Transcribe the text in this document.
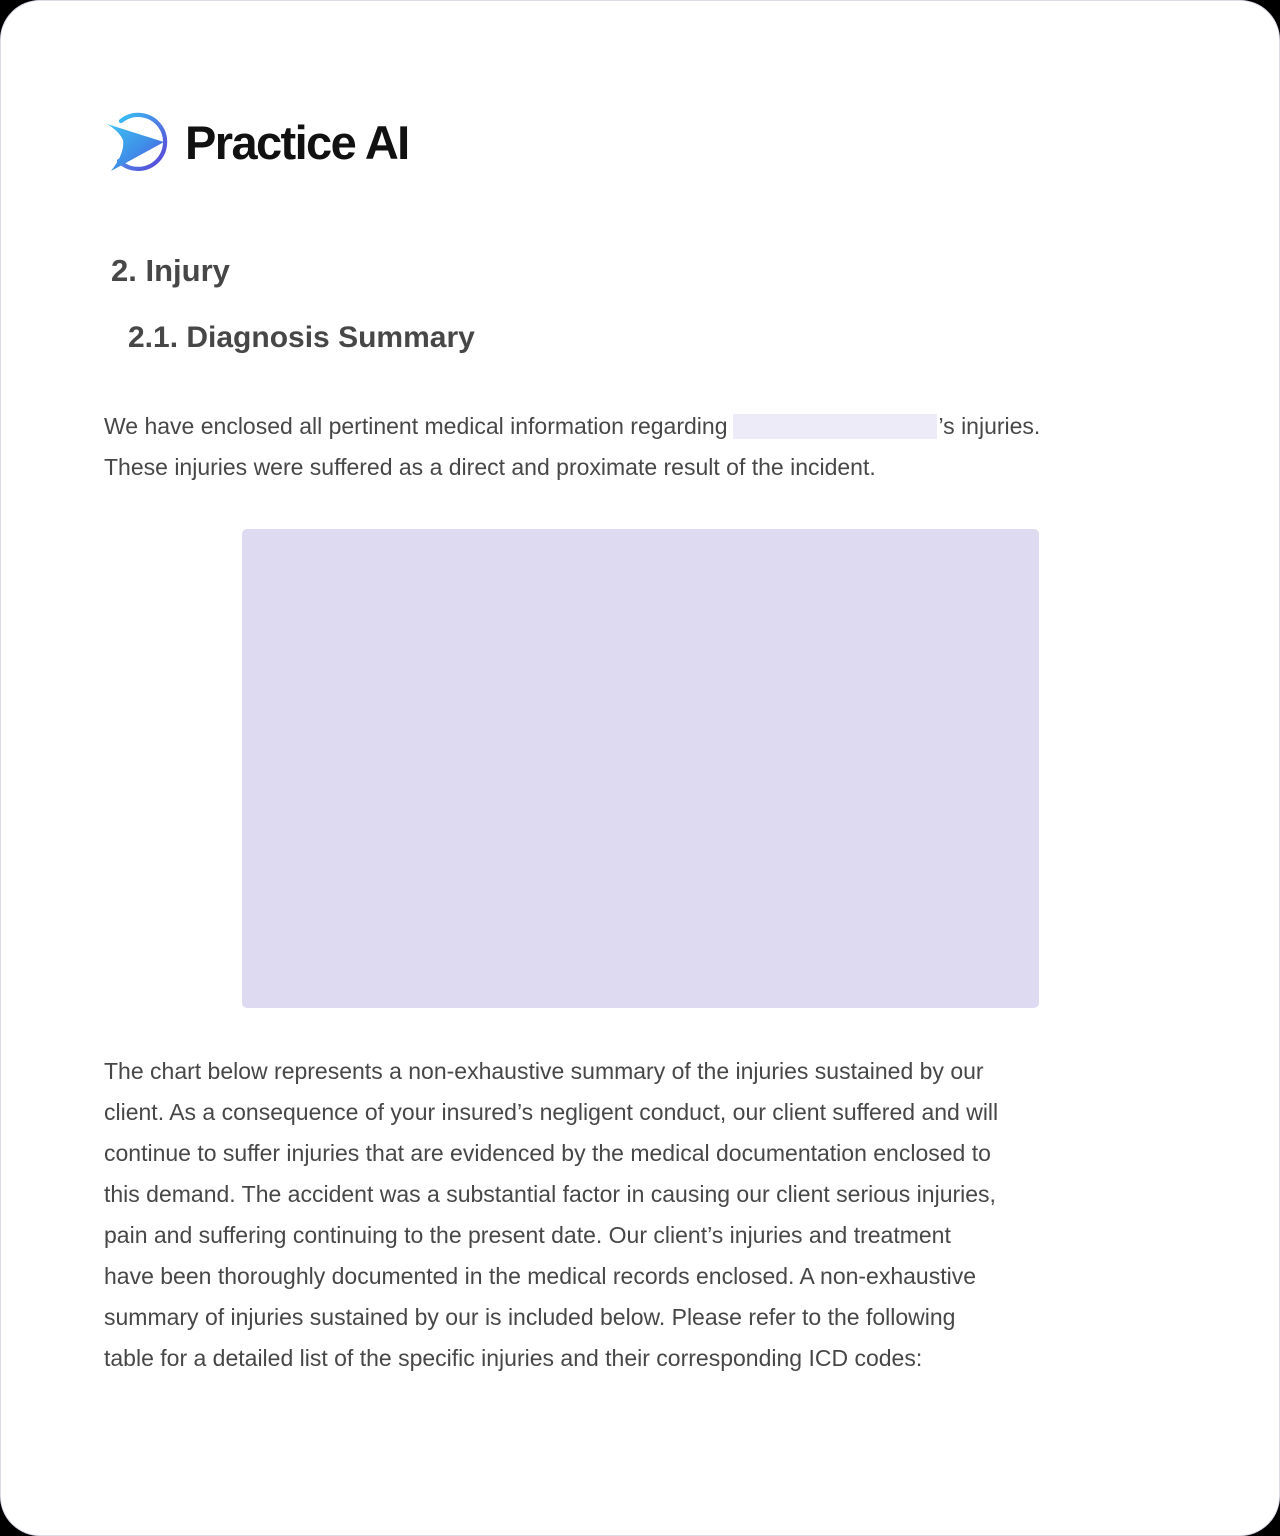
Practice AI
2. Injury
2.1. Diagnosis Summary

We have enclosed all pertinent medical information regarding	’s injuries.
These injuries were suffered as a direct and proximate result of the incident.

The chart below represents a non-exhaustive summary of the injuries sustained by our
client. As a consequence of your insured’s negligent conduct, our client suffered and will
continue to suffer injuries that are evidenced by the medical documentation enclosed to
this demand. The accident was a substantial factor in causing our client serious injuries,
pain and suffering continuing to the present date. Our client’s injuries and treatment
have been thoroughly documented in the medical records enclosed. A non-exhaustive
summary of injuries sustained by our is included below. Please refer to the following
table for a detailed list of the specific injuries and their corresponding ICD codes:
